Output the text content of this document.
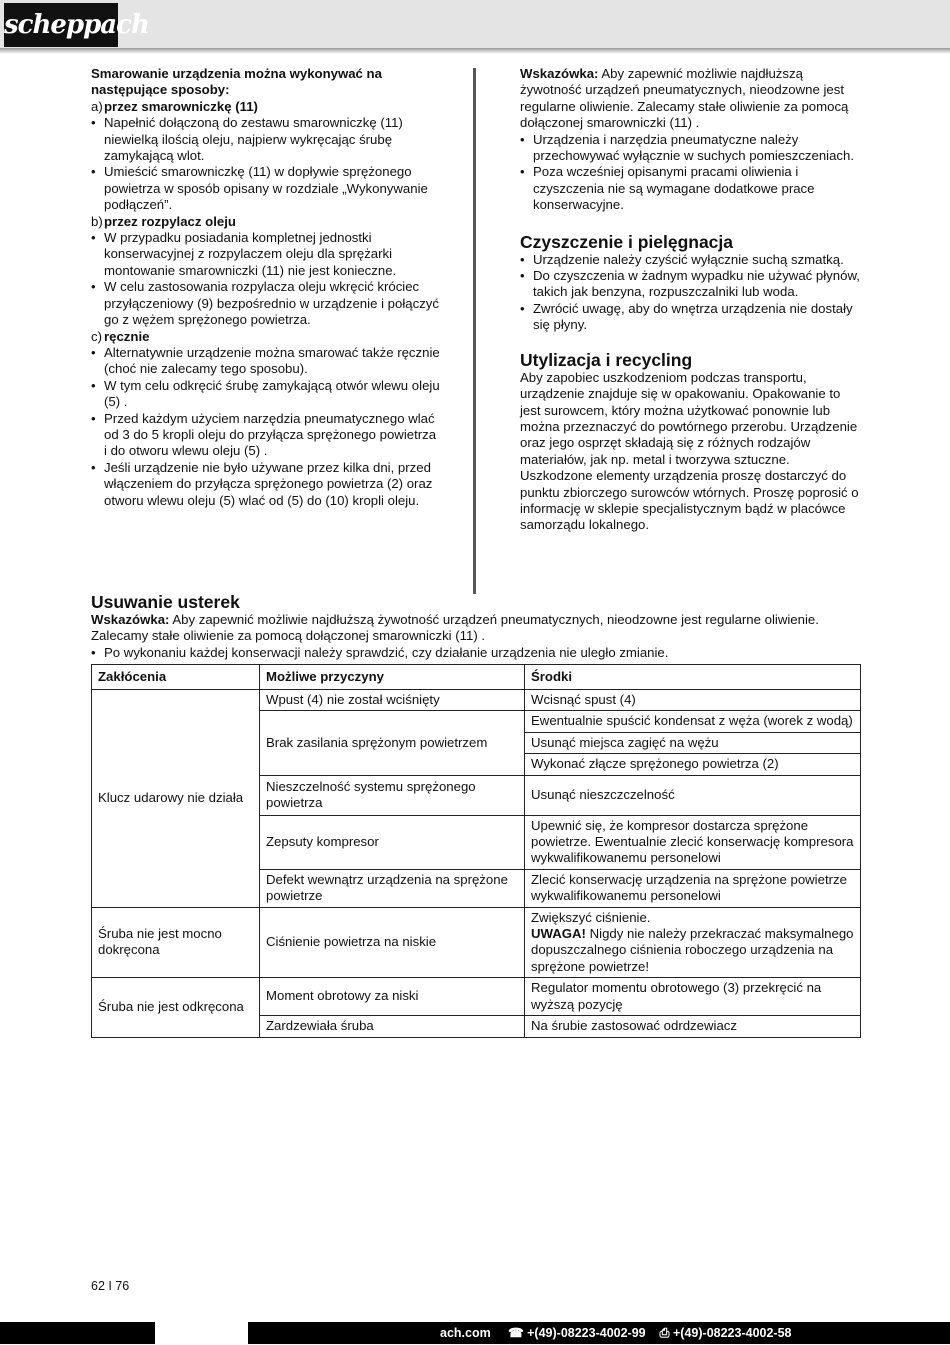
scheppach

Smarowanie urządzenia można wykonywać na następujące sposoby:

a)przez smarowniczkę (11)

• Napełnić dołączoną do zestawu smarowniczkę (11) niewielką ilością oleju, najpierw wykręcając śrubę zamykającą wlot.
• Umieścić smarowniczkę (11) w dopływie sprężonego powietrza w sposób opisany w rozdziale „Wykonywanie podłączeń”.

b)przez rozpylacz oleju

• W przypadku posiadania kompletnej jednostki konserwacyjnej z rozpylaczem oleju dla sprężarki montowanie smarowniczki (11) nie jest konieczne.
• W celu zastosowania rozpylacza oleju wkręcić króciec przyłączeniowy (9) bezpośrednio w urządzenie i połączyć go z wężem sprężonego powietrza.

c) ręcznie

• Alternatywnie urządzenie można smarować także ręcznie (choć nie zalecamy tego sposobu).
• W tym celu odkręcić śrubę zamykającą otwór wlewu oleju (5) .
• Przed każdym użyciem narzędzia pneumatycznego wlać od 3 do 5 kropli oleju do przyłącza sprężonego powietrza i do otworu wlewu oleju (5) .
• Jeśli urządzenie nie było używane przez kilka dni, przed włączeniem do przyłącza sprężonego powietrza (2) oraz otworu wlewu oleju (5) wlać od (5) do (10) kropli oleju.

Wskazówka: Aby zapewnić możliwie najdłuższą żywotność urządzeń pneumatycznych, nieodzowne jest regularne oliwienie. Zalecamy stałe oliwienie za pomocą dołączonej smarowniczki (11) .

• Urządzenia i narzędzia pneumatyczne należy przechowywać wyłącznie w suchych pomieszczeniach.
• Poza wcześniej opisanymi pracami oliwienia i czyszczenia nie są wymagane dodatkowe prace konserwacyjne.
Czyszczenie i pielęgnacja
• Urządzenie należy czyścić wyłącznie suchą szmatką.
• Do czyszczenia w żadnym wypadku nie używać płynów, takich jak benzyna, rozpuszczalniki lub woda.
• Zwrócić uwagę, aby do wnętrza urządzenia nie dostały się płyny.
Utylizacja i recycling

Aby zapobiec uszkodzeniom podczas transportu, urządzenie znajduje się w opakowaniu. Opakowanie to jest surowcem, który można użytkować ponownie lub można przeznaczyć do powtórnego przerobu. Urządzenie oraz jego osprzęt składają się z różnych rodzajów materiałów, jak np. metal i tworzywa sztuczne. Uszkodzone elementy urządzenia proszę dostarczyć do punktu zbiorczego surowców wtórnych. Proszę poprosić o informację w sklepie specjalistycznym bądź w placówce samorządu lokalnego.

Usuwanie usterek

Wskazówka: Aby zapewnić możliwie najdłuższą żywotność urządzeń pneumatycznych, nieodzowne jest regularne oliwienie. Zalecamy stałe oliwienie za pomocą dołączonej smarowniczki (11) .

• Po wykonaniu każdej konserwacji należy sprawdzić, czy działanie urządzenia nie uległo zmianie.
Zakłócenia	Możliwe przyczyny	Środki
Klucz udarowy nie działa	Wpust (4) nie został wciśnięty	Wcisnąć spust (4)
	Brak zasilania sprężonym powietrzem	Ewentualnie spuścić kondensat z węża (worek z wodą)
		Usunąć miejsca zagięć na wężu
		Wykonać złącze sprężonego powietrza (2)
	Nieszczelność systemu sprężonego powietrza	Usunąć nieszczczelność
	Zepsuty kompresor	Upewnić się, że kompresor dostarcza sprężone powietrze. Ewentualnie zlecić konserwację kompresora wykwalifikowanemu personelowi
	Defekt wewnątrz urządzenia na sprężone powietrze	Zlecić konserwację urządzenia na sprężone powietrze wykwalifikowanemu personelowi

Śruba nie jest mocno dokręcona	Ciśnienie powietrza na niskie	Zwiększyć ciśnienie.
UWAGA! Nigdy nie należy przekraczać maksymalnego dopuszczalnego ciśnienia roboczego urządzenia na sprężone powietrze!
Śruba nie jest odkręcona	Moment obrotowy za niski	Regulator momentu obrotowego (3) przekręcić na wyższą pozycję
	Zardzewiała śruba	Na śrubie zastosować odrdzewiacz
62 I 76
ach.com ☎ +(49)-08223-4002-99 ⎙ +(49)-08223-4002-58
